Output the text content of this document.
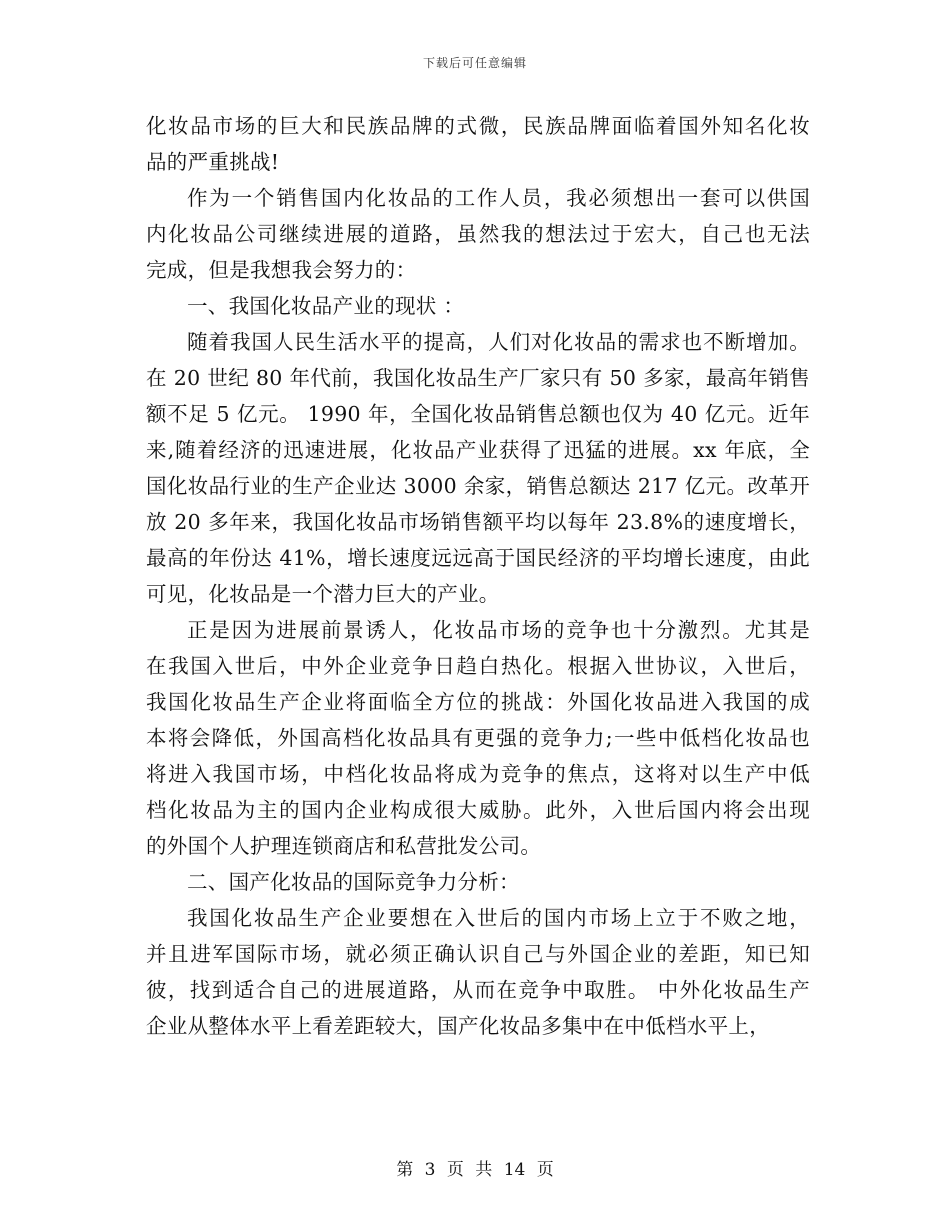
下载后可任意编辑

化妆品市场的巨大和民族品牌的式微，民族品牌面临着国外知名化妆

品的严重挑战!

作为一个销售国内化妆品的工作人员，我必须想出一套可以供国

内化妆品公司继续进展的道路，虽然我的想法过于宏大，自己也无法

完成，但是我想我会努力的：

一、我国化妆品产业的现状 ：

随着我国人民生活水平的提高，人们对化妆品的需求也不断增加。

在 20 世纪 80 年代前，我国化妆品生产厂家只有 50 多家，最高年销售

额不足 5 亿元。 1990 年，全国化妆品销售总额也仅为 40 亿元。近年

来,随着经济的迅速进展，化妆品产业获得了迅猛的进展。xx 年底，全

国化妆品行业的生产企业达 3000 余家，销售总额达 217 亿元。改革开

放 20 多年来，我国化妆品市场销售额平均以每年 23.8%的速度增长，

最高的年份达 41%，增长速度远远高于国民经济的平均增长速度，由此

可见，化妆品是一个潜力巨大的产业。

正是因为进展前景诱人，化妆品市场的竞争也十分激烈。尤其是

在我国入世后，中外企业竞争日趋白热化。根据入世协议，入世后，

我国化妆品生产企业将面临全方位的挑战：外国化妆品进入我国的成

本将会降低，外国高档化妆品具有更强的竞争力;一些中低档化妆品也

将进入我国市场，中档化妆品将成为竞争的焦点，这将对以生产中低

档化妆品为主的国内企业构成很大威胁。此外，入世后国内将会出现

的外国个人护理连锁商店和私营批发公司。

二、国产化妆品的国际竞争力分析：

我国化妆品生产企业要想在入世后的国内市场上立于不败之地，

并且进军国际市场，就必须正确认识自己与外国企业的差距，知已知

彼，找到适合自己的进展道路，从而在竞争中取胜。 中外化妆品生产

企业从整体水平上看差距较大，国产化妆品多集中在中低档水平上，

第 3 页 共 14 页
